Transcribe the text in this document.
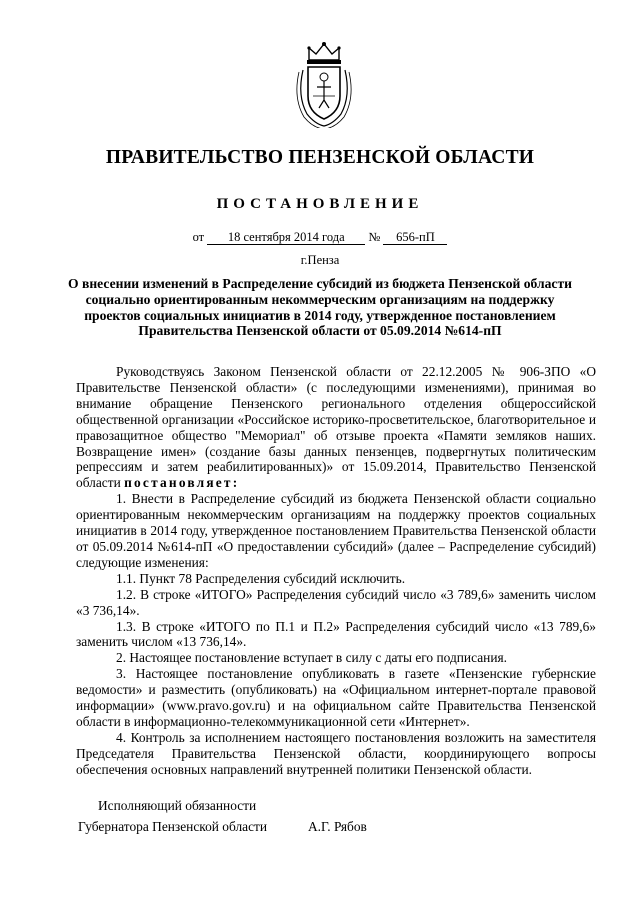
ПРАВИТЕЛЬСТВО ПЕНЗЕНСКОЙ ОБЛАСТИ
ПОСТАНОВЛЕНИЕ
от 18 сентября 2014 года № 656-пП
г.Пенза
О внесении изменений в Распределение субсидий из бюджета Пензенской области социально ориентированным некоммерческим организациям на поддержку проектов социальных инициатив в 2014 году, утвержденное постановлением Правительства Пензенской области от 05.09.2014 №614-пП

Руководствуясь Законом Пензенской области от 22.12.2005 № 906-ЗПО «О Правительстве Пензенской области» (с последующими изменениями), принимая во внимание обращение Пензенского регионального отделения общероссийской общественной организации «Российское историко-просветительское, благотворительное и правозащитное общество "Мемориал" об отзыве проекта «Памяти земляков наших. Возвращение имен» (создание базы данных пензенцев, подвергнутых политическим репрессиям и затем реабилитированных)» от 15.09.2014, Правительство Пензенской области постановляет:

1. Внести в Распределение субсидий из бюджета Пензенской области социально ориентированным некоммерческим организациям на поддержку проектов социальных инициатив в 2014 году, утвержденное постановлением Правительства Пензенской области от 05.09.2014 №614-пП «О предоставлении субсидий» (далее – Распределение субсидий) следующие изменения:

1.1. Пункт 78 Распределения субсидий исключить.

1.2. В строке «ИТОГО» Распределения субсидий число «3 789,6» заменить числом «3 736,14».

1.3. В строке «ИТОГО по П.1 и П.2» Распределения субсидий число «13 789,6» заменить числом «13 736,14».

2. Настоящее постановление вступает в силу с даты его подписания.

3. Настоящее постановление опубликовать в газете «Пензенские губернские ведомости» и разместить (опубликовать) на «Официальном интернет-портале правовой информации» (www.pravo.gov.ru) и на официальном сайте Правительства Пензенской области в информационно-телекоммуникационной сети «Интернет».

4. Контроль за исполнением настоящего постановления возложить на заместителя Председателя Правительства Пензенской области, координирующего вопросы обеспечения основных направлений внутренней политики Пензенской области.

Исполняющий обязанности
Губернатора Пензенской области	А.Г. Рябов
